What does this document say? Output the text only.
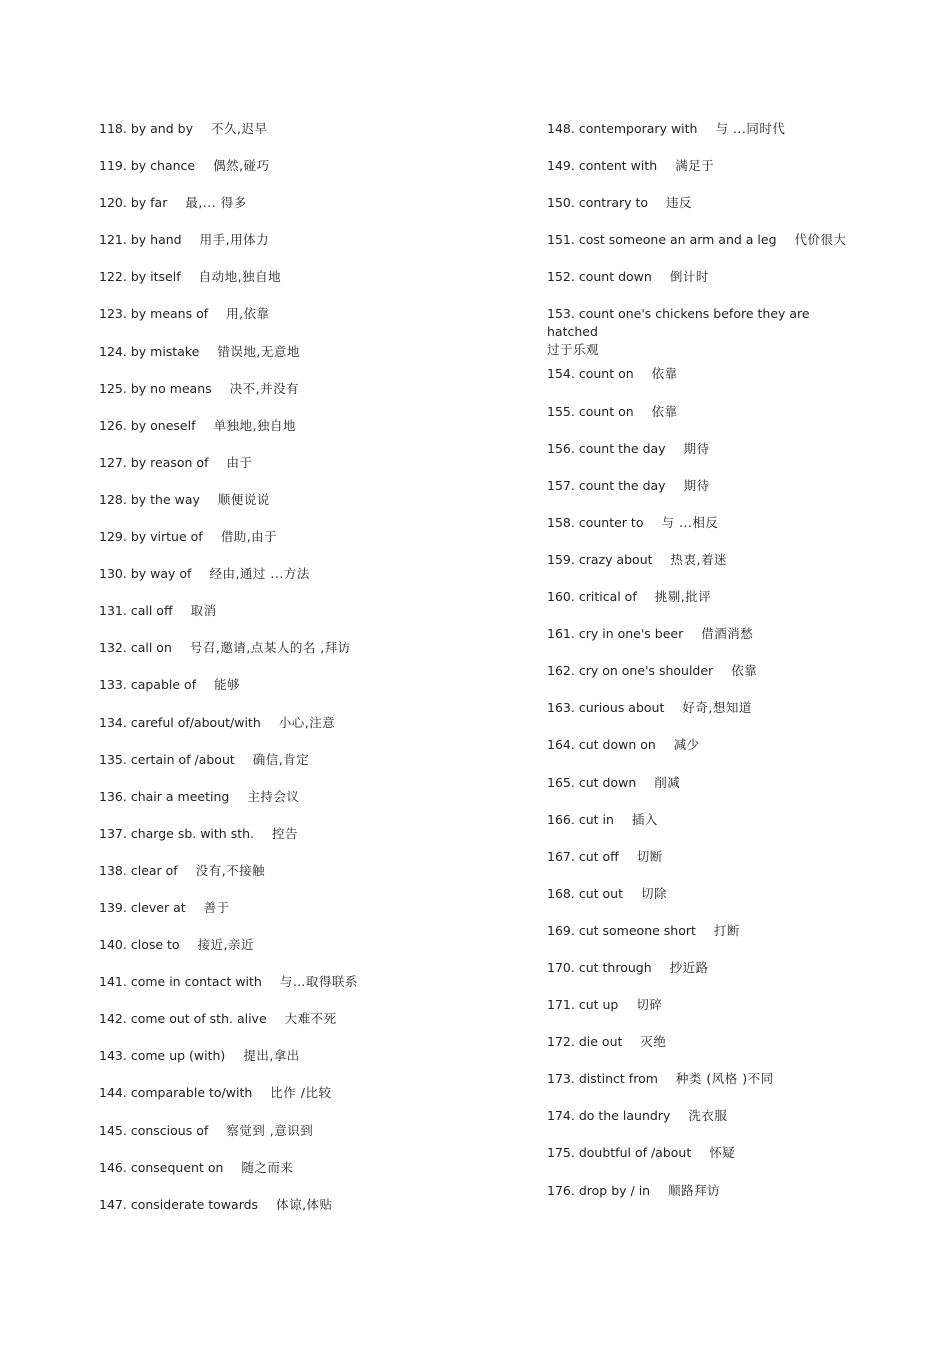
118. by and by 不久,迟早
119. by chance 偶然,碰巧
120. by far 最,... 得多
121. by hand 用手,用体力
122. by itself 自动地,独自地
123. by means of 用,依靠
124. by mistake 错误地,无意地
125. by no means 决不,并没有
126. by oneself 单独地,独自地
127. by reason of 由于
128. by the way 顺便说说
129. by virtue of 借助,由于
130. by way of 经由,通过 ...方法
131. call off 取消
132. call on 号召,邀请,点某人的名 ,拜访
133. capable of 能够
134. careful of/about/with 小心,注意
135. certain of /about 确信,肯定
136. chair a meeting 主持会议
137. charge sb. with sth. 控告
138. clear of 没有,不接触
139. clever at 善于
140. close to 接近,亲近
141. come in contact with 与…取得联系
142. come out of sth. alive 大难不死
143. come up (with) 提出,拿出
144. comparable to/with 比作 /比较
145. conscious of 察觉到 ,意识到
146. consequent on 随之而来
147. considerate towards 体谅,体贴
148. contemporary with 与 ...同时代
149. content with 满足于
150. contrary to 违反
151. cost someone an arm and a leg 代价很大
152. count down 倒计时
153. count one's chickens before they are hatched
过于乐观
154. count on 依靠
155. count on 依靠
156. count the day 期待
157. count the day 期待
158. counter to 与 ...相反
159. crazy about 热衷,着迷
160. critical of 挑剔,批评
161. cry in one's beer 借酒消愁
162. cry on one's shoulder 依靠
163. curious about 好奇,想知道
164. cut down on 减少
165. cut down 削减
166. cut in 插入
167. cut off 切断
168. cut out 切除
169. cut someone short 打断
170. cut through 抄近路
171. cut up 切碎
172. die out 灭绝
173. distinct from 种类 (风格 )不同
174. do the laundry 洗衣服
175. doubtful of /about 怀疑
176. drop by / in 顺路拜访
